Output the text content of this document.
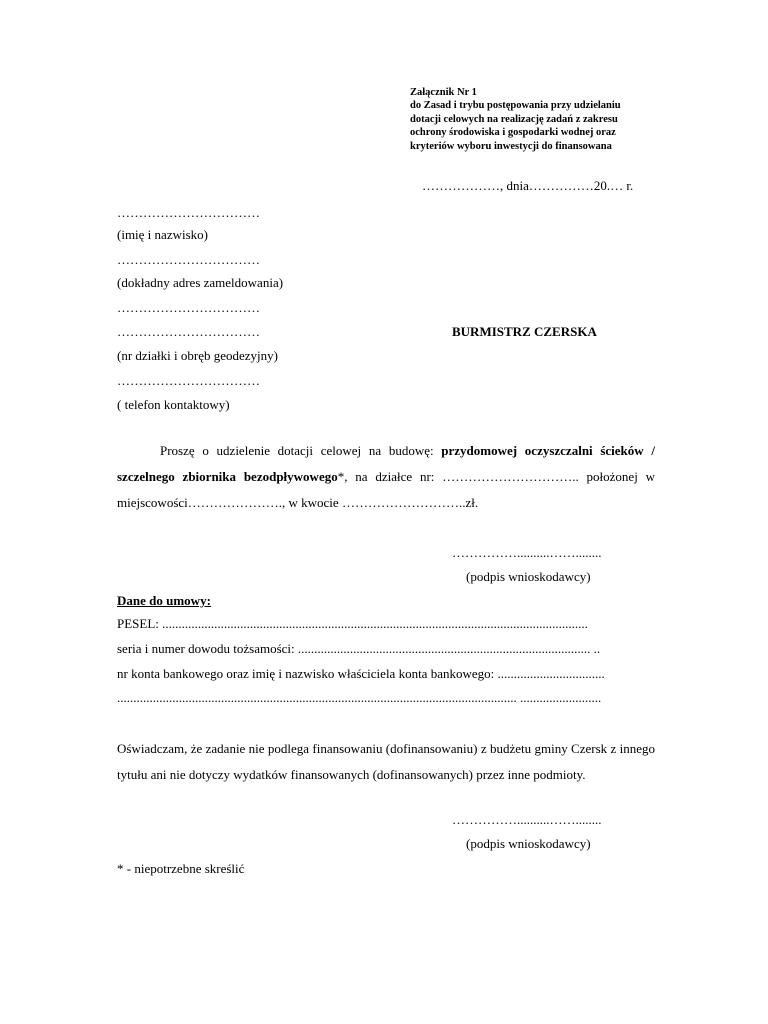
Załącznik Nr 1
do Zasad i trybu postępowania przy udzielaniu
dotacji celowych na realizację zadań z zakresu
ochrony środowiska i gospodarki wodnej oraz
kryteriów wyboru inwestycji do finansowana
………………, dnia……………20.… r.
……………………………
(imię i nazwisko)
……………………………
(dokładny adres zameldowania)
……………………………
……………………………	BURMISTRZ CZERSKA
(nr działki i obręb geodezyjny)
……………………………
( telefon kontaktowy)
Proszę o udzielenie dotacji celowej na budowę: przydomowej oczyszczalni ścieków / szczelnego zbiornika bezodpływowego*, na działce nr: ………………………….. położonej w miejscowości…………………., w kwocie ………………………..zł.
……………..........……........
(podpis wnioskodawcy)
Dane do umowy:
PESEL: ...................................................................................................................................
seria i numer dowodu tożsamości: .......................................................................................... ..
nr konta bankowego oraz imię i nazwisko właściciela konta bankowego: .................................
........................................................................................................................... .........................
Oświadczam, że zadanie nie podlega finansowaniu (dofinansowaniu) z budżetu gminy Czersk z innego tytułu ani nie dotyczy wydatków finansowanych (dofinansowanych) przez inne podmioty.
……………..........……........
(podpis wnioskodawcy)
* - niepotrzebne skreślić
